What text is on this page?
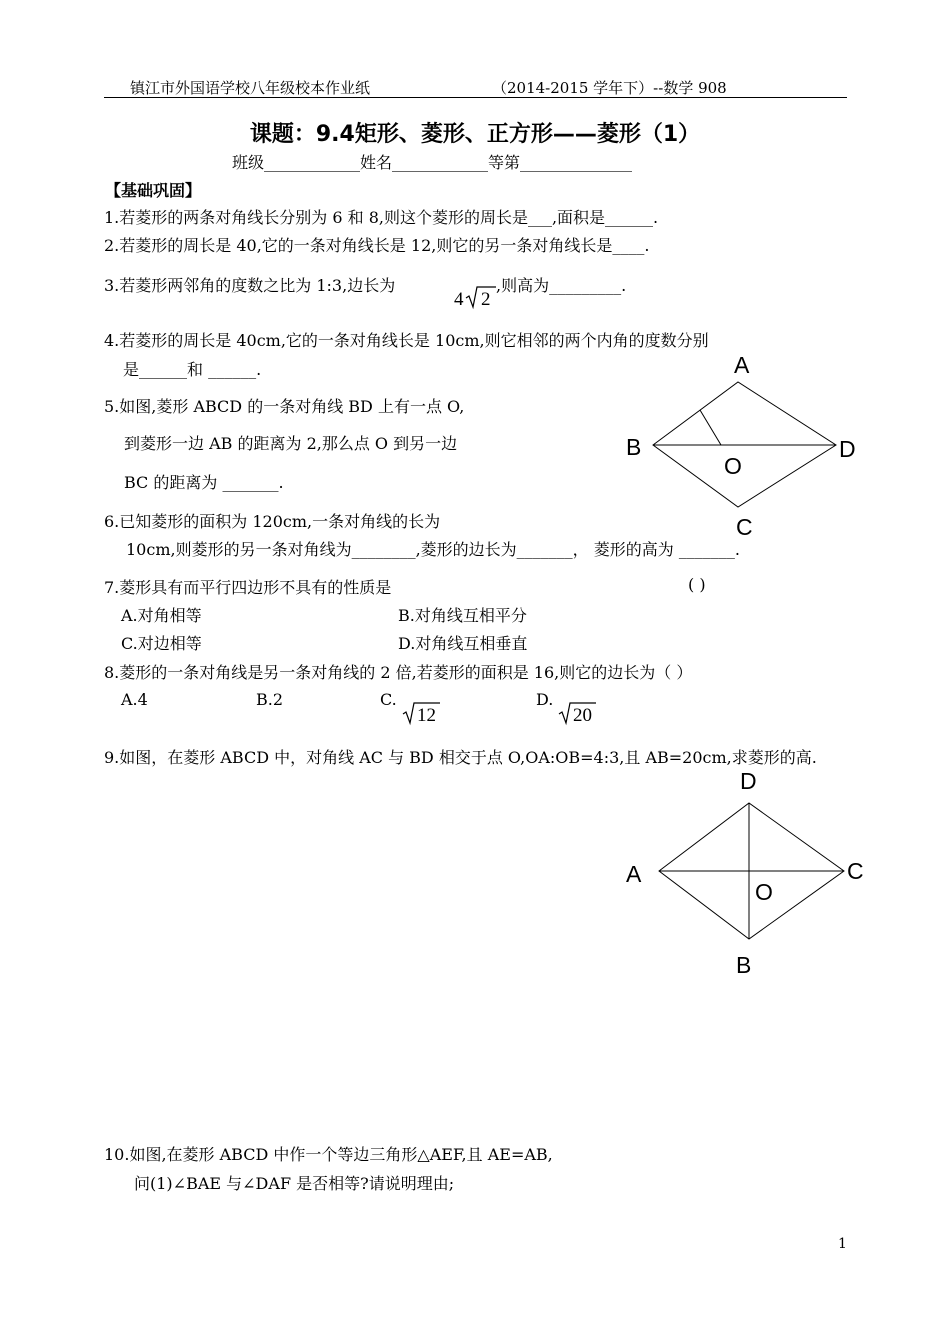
镇江市外国语学校八年级校本作业纸	（2014-2015 学年下）--数学 908
课题：9.4矩形、菱形、正方形——菱形（1）
班级____________姓名____________等第______________
【基础巩固】
1.若菱形的两条对角线长分别为 6 和 8,则这个菱形的周长是___,面积是______.
2.若菱形的周长是 40,它的一条对角线长是 12,则它的另一条对角线长是____.
3.若菱形两邻角的度数之比为 1:3,边长为
4 2
,则高为_________.
4.若菱形的周长是 40cm,它的一条对角线长是 10cm,则它相邻的两个内角的度数分别
是______和 ______.
5.如图,菱形 ABCD 的一条对角线 BD 上有一点 O,
到菱形一边 AB 的距离为 2,那么点 O 到另一边
BC 的距离为 _______.
A
B	D
O
C
6.已知菱形的面积为 120cm,一条对角线的长为
10cm,则菱形的另一条对角线为________,菱形的边长为_______， 菱形的高为 _______.
7.菱形具有而平行四边形不具有的性质是	( )
A.对角相等	B.对角线互相平分
C.对边相等	D.对角线互相垂直
8.菱形的一条对角线是另一条对角线的 2 倍,若菱形的面积是 16,则它的边长为（ ）
A.4	B.2	C.
12
D.
20
9.如图，在菱形 ABCD 中，对角线 AC 与 BD 相交于点 O,OA:OB=4:3,且 AB=20cm,求菱形的高.
D
A	C
O
B
10.如图,在菱形 ABCD 中作一个等边三角形△AEF,且 AE=AB,
问(1)∠BAE 与∠DAF 是否相等?请说明理由;
1
